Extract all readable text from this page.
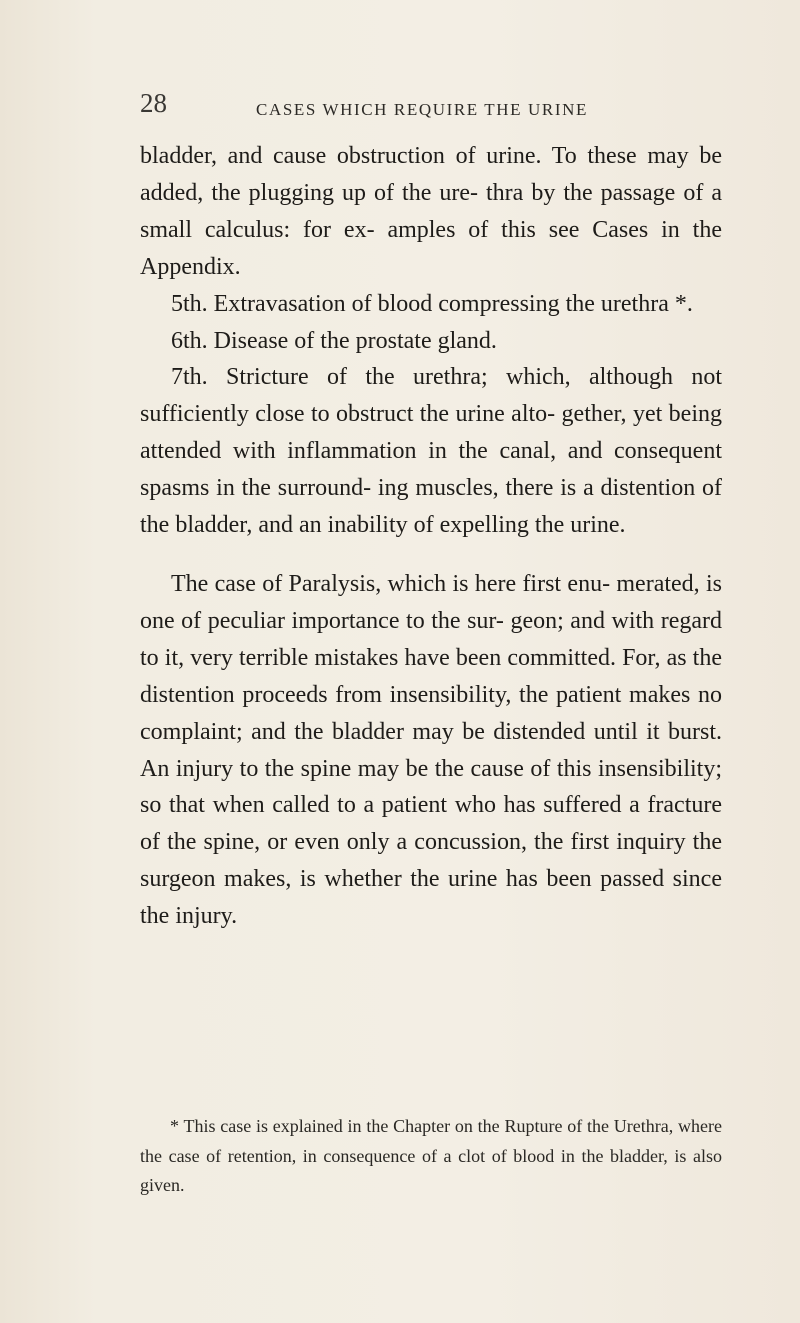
28	CASES WHICH REQUIRE THE URINE

bladder, and cause obstruction of urine. To these may be added, the plugging up of the ure- thra by the passage of a small calculus: for ex- amples of this see Cases in the Appendix.

5th. Extravasation of blood compressing the urethra *.

6th. Disease of the prostate gland.

7th. Stricture of the urethra; which, although not sufficiently close to obstruct the urine alto- gether, yet being attended with inflammation in the canal, and consequent spasms in the surround- ing muscles, there is a distention of the bladder, and an inability of expelling the urine.

The case of Paralysis, which is here first enu- merated, is one of peculiar importance to the sur- geon; and with regard to it, very terrible mistakes have been committed. For, as the distention proceeds from insensibility, the patient makes no complaint; and the bladder may be distended until it burst. An injury to the spine may be the cause of this insensibility; so that when called to a patient who has suffered a fracture of the spine, or even only a concussion, the first inquiry the surgeon makes, is whether the urine has been passed since the injury.

* This case is explained in the Chapter on the Rupture of the Urethra, where the case of retention, in consequence of a clot of blood in the bladder, is also given.
